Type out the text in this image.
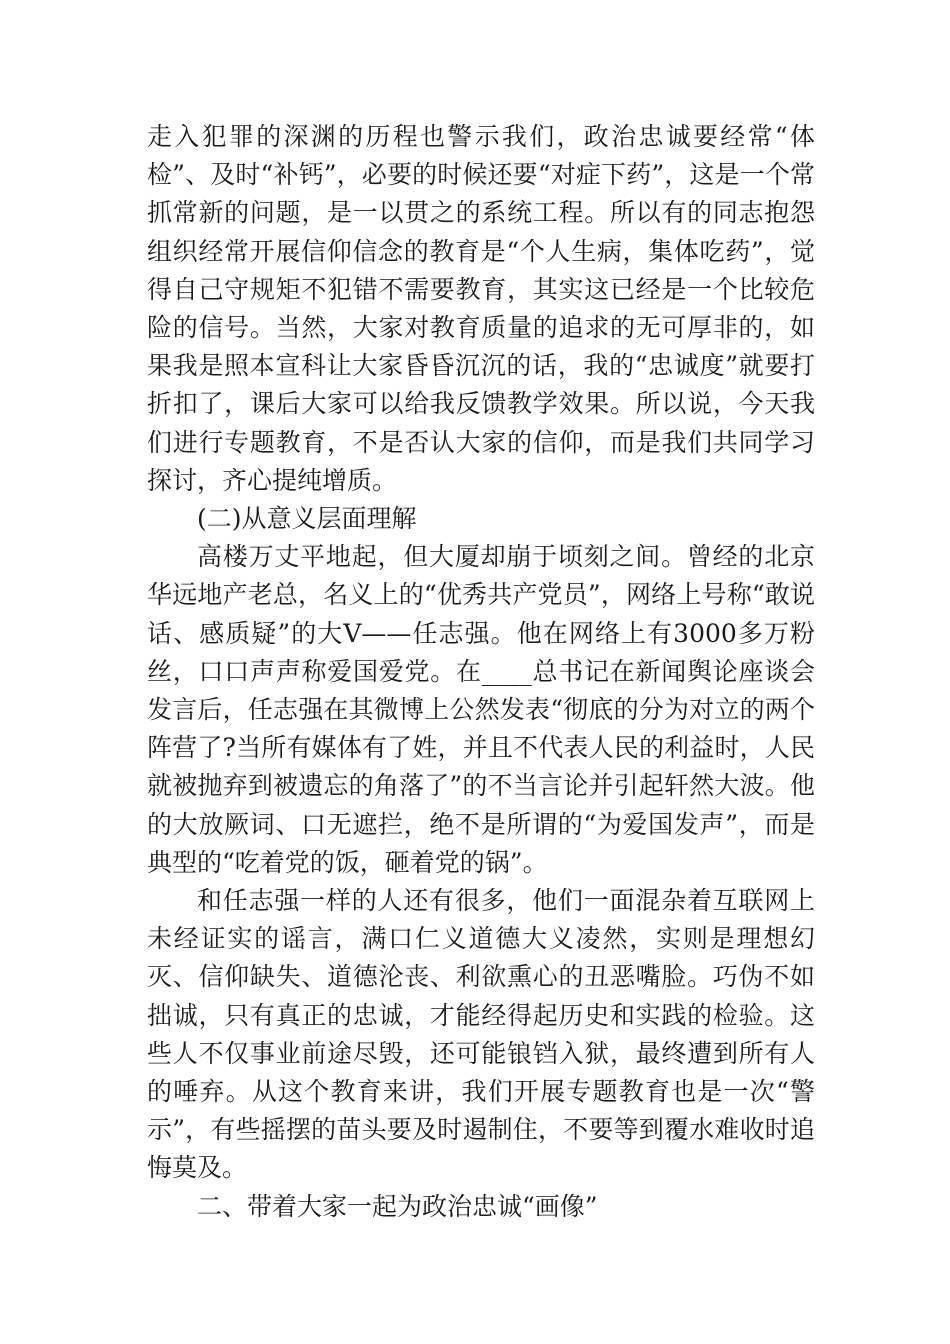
走入犯罪的深渊的历程也警示我们，政治忠诚要经常“体检”、及时“补钙”，必要的时候还要“对症下药”，这是一个常抓常新的问题，是一以贯之的系统工程。所以有的同志抱怨组织经常开展信仰信念的教育是“个人生病，集体吃药”，觉得自己守规矩不犯错不需要教育，其实这已经是一个比较危险的信号。当然，大家对教育质量的追求的无可厚非的，如果我是照本宣科让大家昏昏沉沉的话，我的“忠诚度”就要打折扣了，课后大家可以给我反馈教学效果。所以说，今天我们进行专题教育，不是否认大家的信仰，而是我们共同学习探讨，齐心提纯增质。

(二)从意义层面理解

高楼万丈平地起，但大厦却崩于顷刻之间。曾经的北京华远地产老总，名义上的“优秀共产党员”，网络上号称“敢说话、感质疑”的大V——任志强。他在网络上有3000多万粉丝，口口声声称爱国爱党。在____总书记在新闻舆论座谈会发言后，任志强在其微博上公然发表“彻底的分为对立的两个阵营了?当所有媒体有了姓，并且不代表人民的利益时，人民就被抛弃到被遗忘的角落了”的不当言论并引起轩然大波。他的大放厥词、口无遮拦，绝不是所谓的“为爱国发声”，而是典型的“吃着党的饭，砸着党的锅”。

和任志强一样的人还有很多，他们一面混杂着互联网上未经证实的谣言，满口仁义道德大义凌然，实则是理想幻灭、信仰缺失、道德沦丧、利欲熏心的丑恶嘴脸。巧伪不如拙诚，只有真正的忠诚，才能经得起历史和实践的检验。这些人不仅事业前途尽毁，还可能锒铛入狱，最终遭到所有人的唾弃。从这个教育来讲，我们开展专题教育也是一次“警示”，有些摇摆的苗头要及时遏制住，不要等到覆水难收时追悔莫及。

二、带着大家一起为政治忠诚“画像”
